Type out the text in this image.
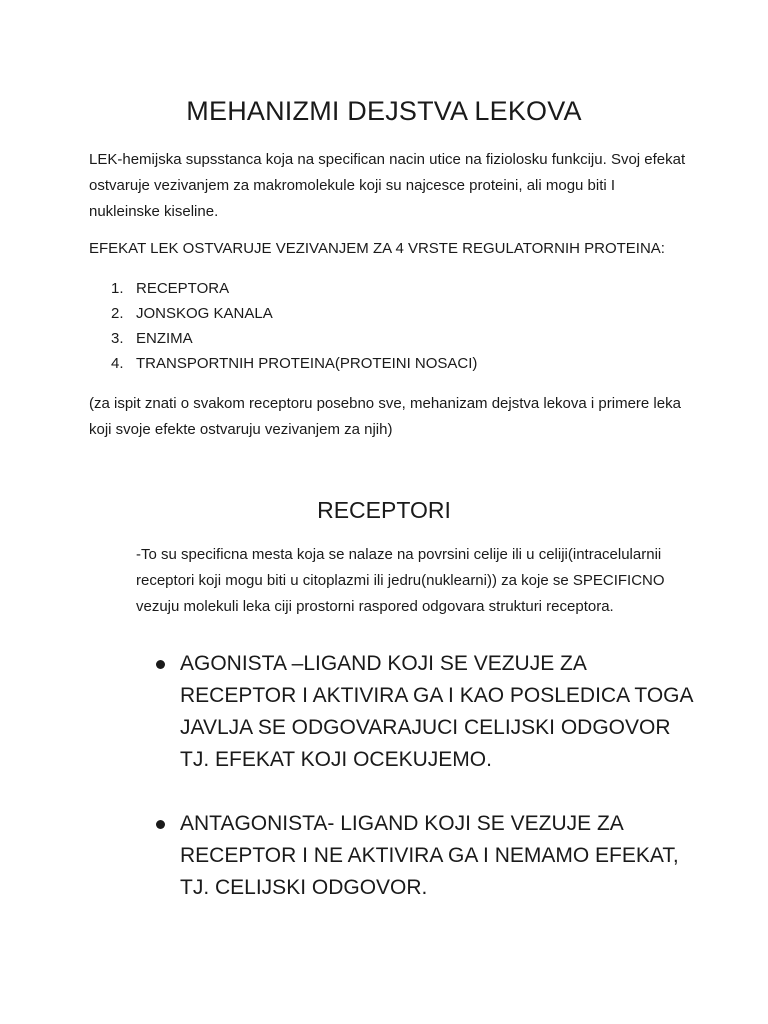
MEHANIZMI DEJSTVA LEKOVA

LEK-hemijska supsstanca koja na specifican nacin utice na fiziolosku funkciju. Svoj efekat ostvaruje vezivanjem za makromolekule koji su najcesce proteini, ali mogu biti I nukleinske kiseline.

EFEKAT LEK OSTVARUJE VEZIVANJEM ZA 4 VRSTE REGULATORNIH PROTEINA:

1. RECEPTORA
2. JONSKOG KANALA
3. ENZIMA
4. TRANSPORTNIH PROTEINA(PROTEINI NOSACI)

(za ispit znati o svakom receptoru posebno sve, mehanizam dejstva lekova i primere leka koji svoje efekte ostvaruju vezivanjem za njih)

RECEPTORI

-To su specificna mesta koja se nalaze na povrsini celije ili u celiji(intracelularnii receptori koji mogu biti u citoplazmi ili jedru(nuklearni)) za koje se SPECIFICNO vezuju molekuli leka ciji prostorni raspored odgovara strukturi receptora.

AGONISTA –LIGAND KOJI SE VEZUJE ZA RECEPTOR I AKTIVIRA GA I KAO POSLEDICA TOGA JAVLJA SE ODGOVARAJUCI CELIJSKI ODGOVOR TJ. EFEKAT KOJI OCEKUJEMO.
ANTAGONISTA- LIGAND KOJI SE VEZUJE ZA RECEPTOR I NE AKTIVIRA GA I NEMAMO EFEKAT, TJ. CELIJSKI ODGOVOR.
